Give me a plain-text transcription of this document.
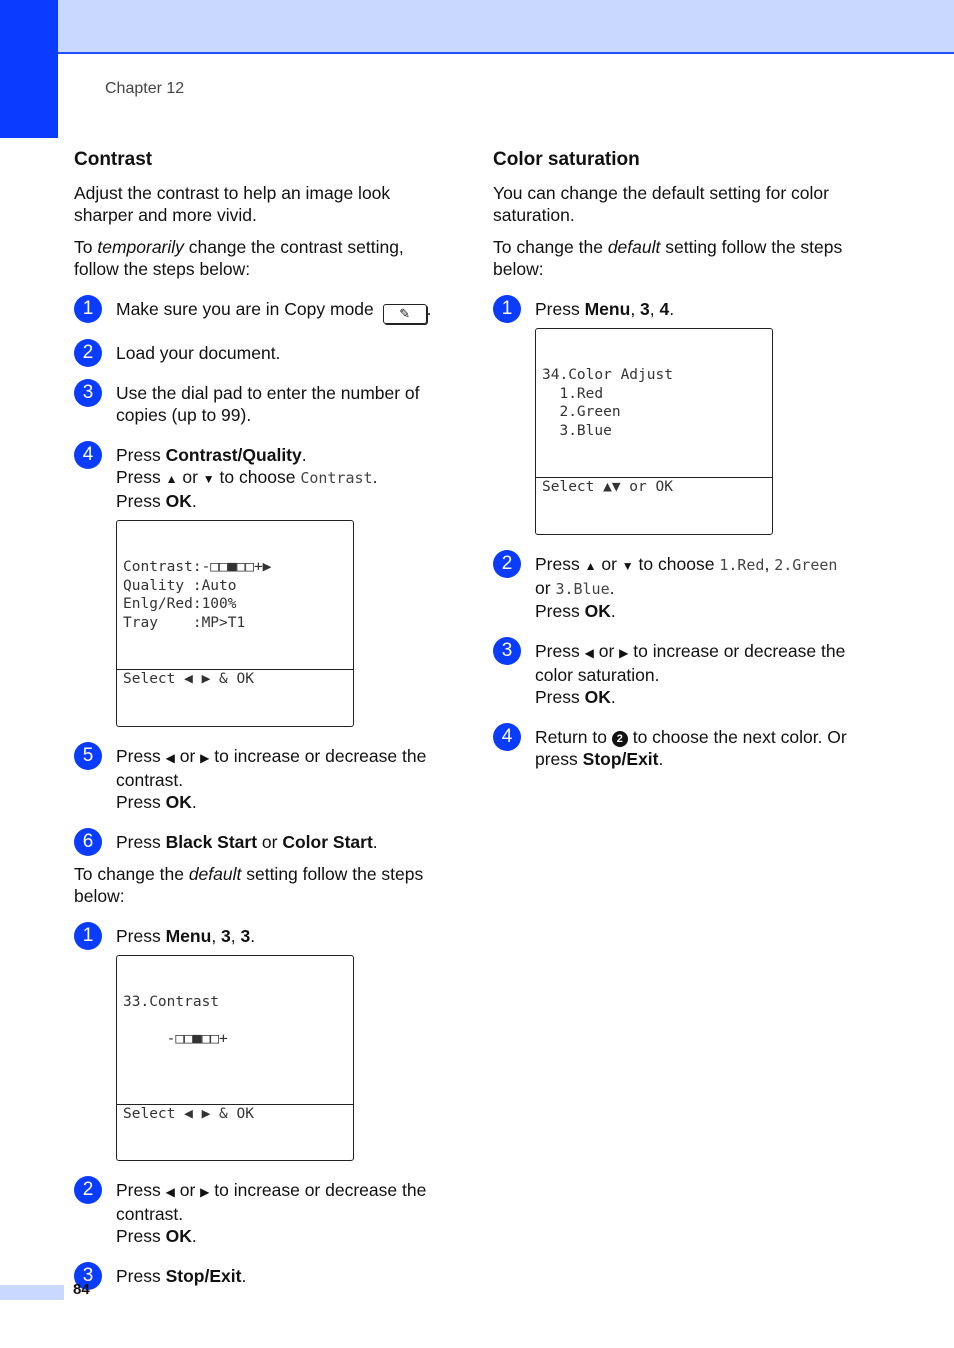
Chapter 12
Contrast

Adjust the contrast to help an image look sharper and more vivid.

To temporarily change the contrast setting, follow the steps below:

1	Make sure you are in Copy mode ✎ .
2	Load your document.
3	Use the dial pad to enter the number of copies (up to 99).
4	Press Contrast/Quality.
Press ▲ or ▼ to choose Contrast.
Press OK.

Contrast:-□□■□□+▶
Quality :Auto
Enlg/Red:100%
Tray    :MP>T1

Select ◀ ▶ & OK

5	Press ◀ or ▶ to increase or decrease the contrast.
Press OK.
6	Press Black Start or Color Start.

To change the default setting follow the steps below:

1	Press Menu, 3, 3.

33.Contrast

-□□■□□+

Select ◀ ▶ & OK

2	Press ◀ or ▶ to increase or decrease the contrast.
Press OK.
3	Press Stop/Exit.
Color saturation

You can change the default setting for color saturation.

To change the default setting follow the steps below:

1	Press Menu, 3, 4.

34.Color Adjust
1.Red
2.Green
3.Blue

Select ▲▼ or OK

2	Press ▲ or ▼ to choose 1.Red, 2.Green
or 3.Blue.
Press OK.
3	Press ◀ or ▶ to increase or decrease the color saturation.
Press OK.
4	Return to 2 to choose the next color. Or press Stop/Exit.
84
